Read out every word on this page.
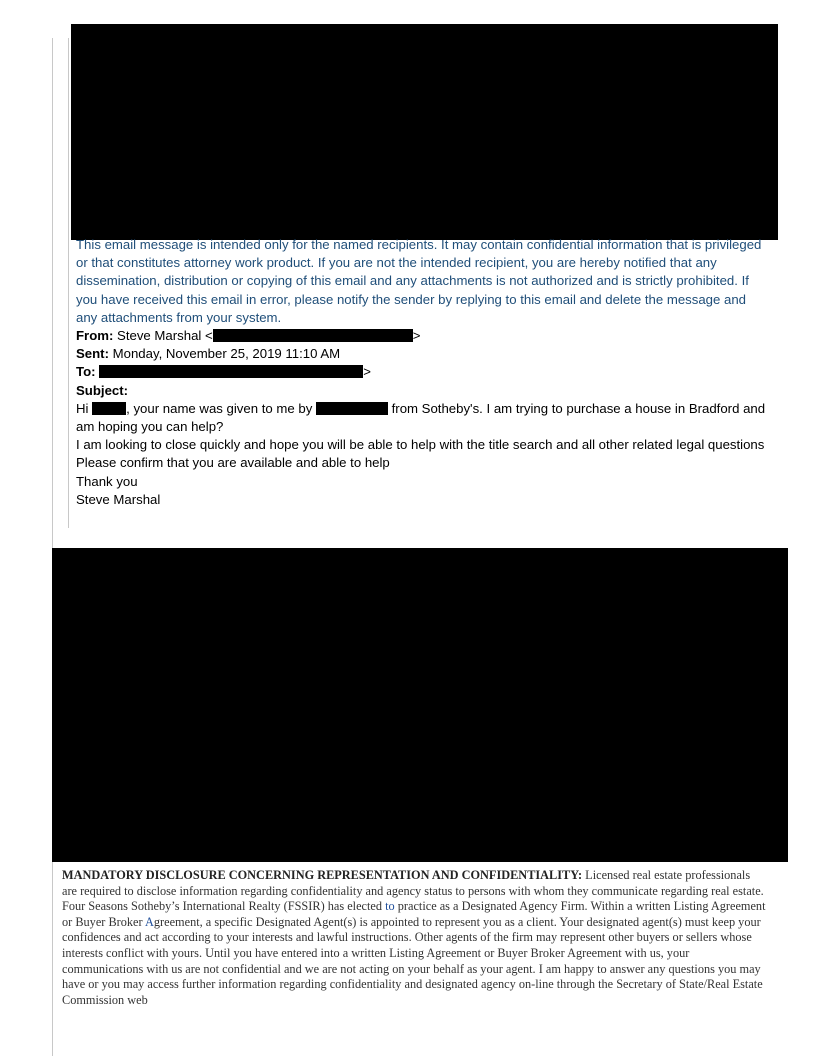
This email message is intended only for the named recipients. It may contain confidential information that is privileged or that constitutes attorney work product. If you are not the intended recipient, you are hereby notified that any dissemination, distribution or copying of this email and any attachments is not authorized and is strictly prohibited. If you have received this email in error, please notify the sender by replying to this email and delete the message and any attachments from your system.

From: Steve Marshal <	>

Sent: Monday, November 25, 2019 11:10 AM

To:	>

Subject:

Hi	, your name was given to me by	from Sotheby's. I am trying to purchase a house in Bradford and am hoping you can help?

I am looking to close quickly and hope you will be able to help with the title search and all other related legal questions

Please confirm that you are available and able to help

Thank you

Steve Marshal

MANDATORY DISCLOSURE CONCERNING REPRESENTATION AND CONFIDENTIALITY: Licensed real estate professionals are required to disclose information regarding confidentiality and agency status to persons with whom they communicate regarding real estate. Four Seasons Sotheby’s International Realty (FSSIR) has elected to practice as a Designated Agency Firm. Within a written Listing Agreement or Buyer Broker Agreement, a specific Designated Agent(s) is appointed to represent you as a client. Your designated agent(s) must keep your confidences and act according to your interests and lawful instructions. Other agents of the firm may represent other buyers or sellers whose interests conflict with yours. Until you have entered into a written Listing Agreement or Buyer Broker Agreement with us, your communications with us are not confidential and we are not acting on your behalf as your agent. I am happy to answer any questions you may have or you may access further information regarding confidentiality and designated agency on-line through the Secretary of State/Real Estate Commission web
